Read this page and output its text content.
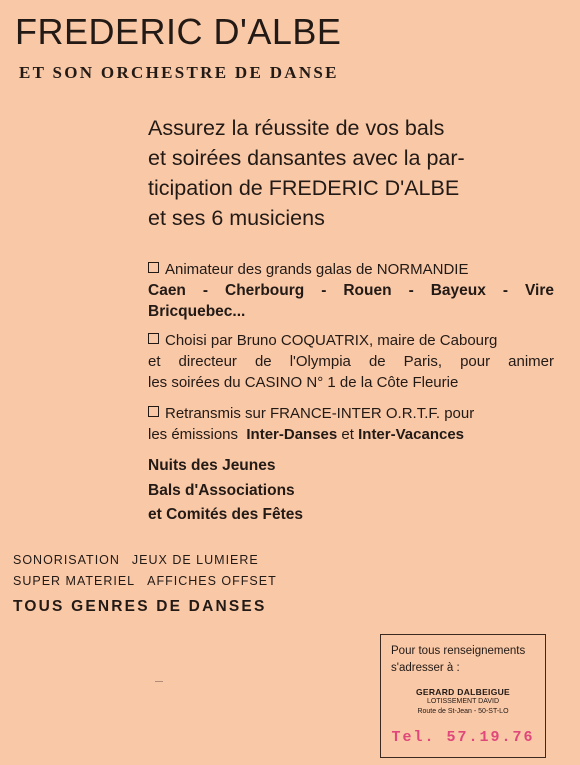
FREDERIC D'ALBE
ET SON ORCHESTRE DE DANSE

Assurez la réussite de vos bals
et soirées dansantes avec la par-
ticipation de FREDERIC D'ALBE
et ses 6 musiciens

Animateur des grands galas de NORMANDIE
Caen - Cherbourg - Rouen - Bayeux - Vire
Bricquebec...
Choisi par Bruno COQUATRIX, maire de Cabourg
et directeur de l'Olympia de Paris, pour animer
les soirées du CASINO N° 1 de la Côte Fleurie
Retransmis sur FRANCE-INTER O.R.T.F. pour
les émissions Inter-Danses et Inter-Vacances
Nuits des Jeunes
Bals d'Associations
et Comités des Fêtes
SONORISATION JEUX DE LUMIERE
SUPER MATERIEL AFFICHES OFFSET
TOUS GENRES DE DANSES
Pour tous renseignements
s'adresser à :
GERARD DALBEIGUE
LOTISSEMENT DAVID
Route de St-Jean - 50-ST-LO
Tel. 57.19.76
